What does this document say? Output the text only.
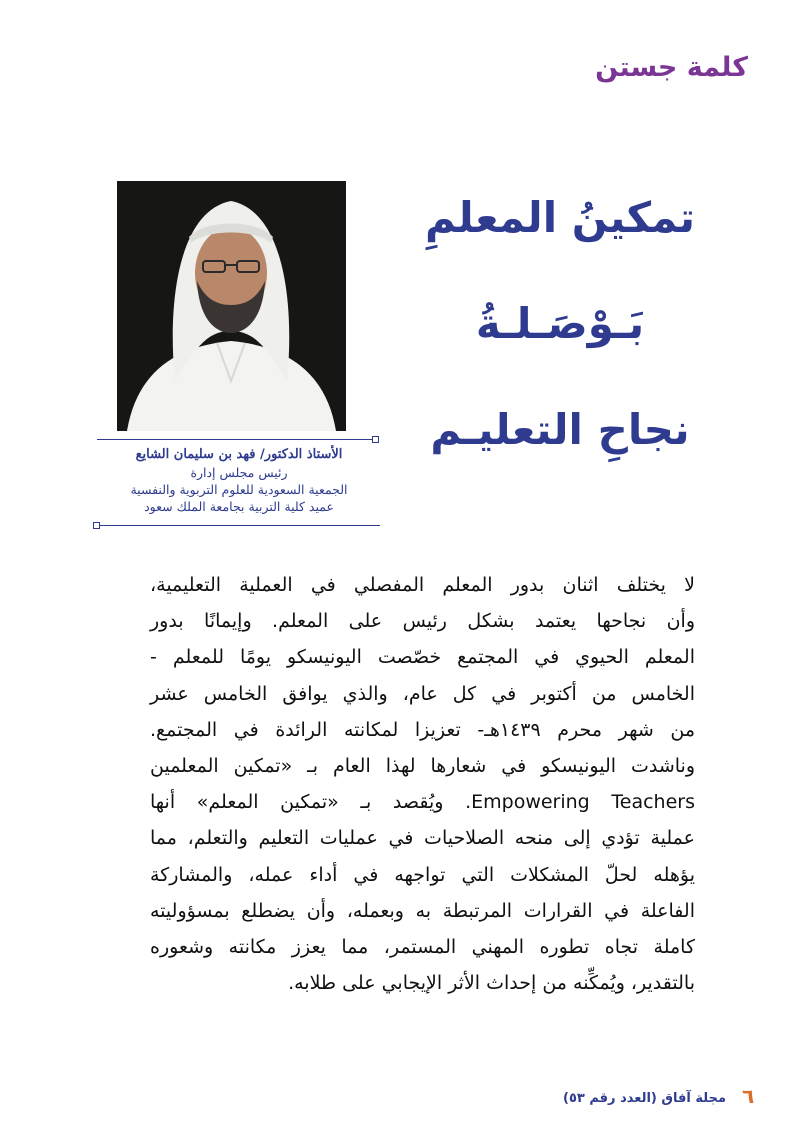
كلمة جستن
تمكينُ المعلمِ
بَـوْصَـلـةُ
نجاحِ التعليـم
الأستاذ الدكتور/ فهد بن سليمان الشايع
رئيس مجلس إدارة
الجمعية السعودية للعلوم التربوية والنفسية
عميد كلية التربية بجامعة الملك سعود
لا يختلف اثنان بدور المعلم المفصلي في العملية التعليمية،
وأن نجاحها يعتمد بشكل رئيس على المعلم. وإيمانًا بدور
المعلم الحيوي في المجتمع خصّصت اليونيسكو يومًا للمعلم -
الخامس من أكتوبر في كل عام، والذي يوافق الخامس عشر
من شهر محرم ١٤٣٩هـ- تعزيزا لمكانته الرائدة في المجتمع.
وناشدت اليونيسكو في شعارها لهذا العام بـ «تمكين المعلمين
Empowering Teachers. ويُقصد بـ «تمكين المعلم» أنها
عملية تؤدي إلى منحه الصلاحيات في عمليات التعليم والتعلم، مما
يؤهله لحلّ المشكلات التي تواجهه في أداء عمله، والمشاركة
الفاعلة في القرارات المرتبطة به وبعمله، وأن يضطلع بمسؤوليته
كاملة تجاه تطوره المهني المستمر، مما يعزز مكانته وشعوره
بالتقدير، ويُمكِّنه من إحداث الأثر الإيجابي على طلابه.
مجلة آفاق (العدد رقم ٥٣) ٦
